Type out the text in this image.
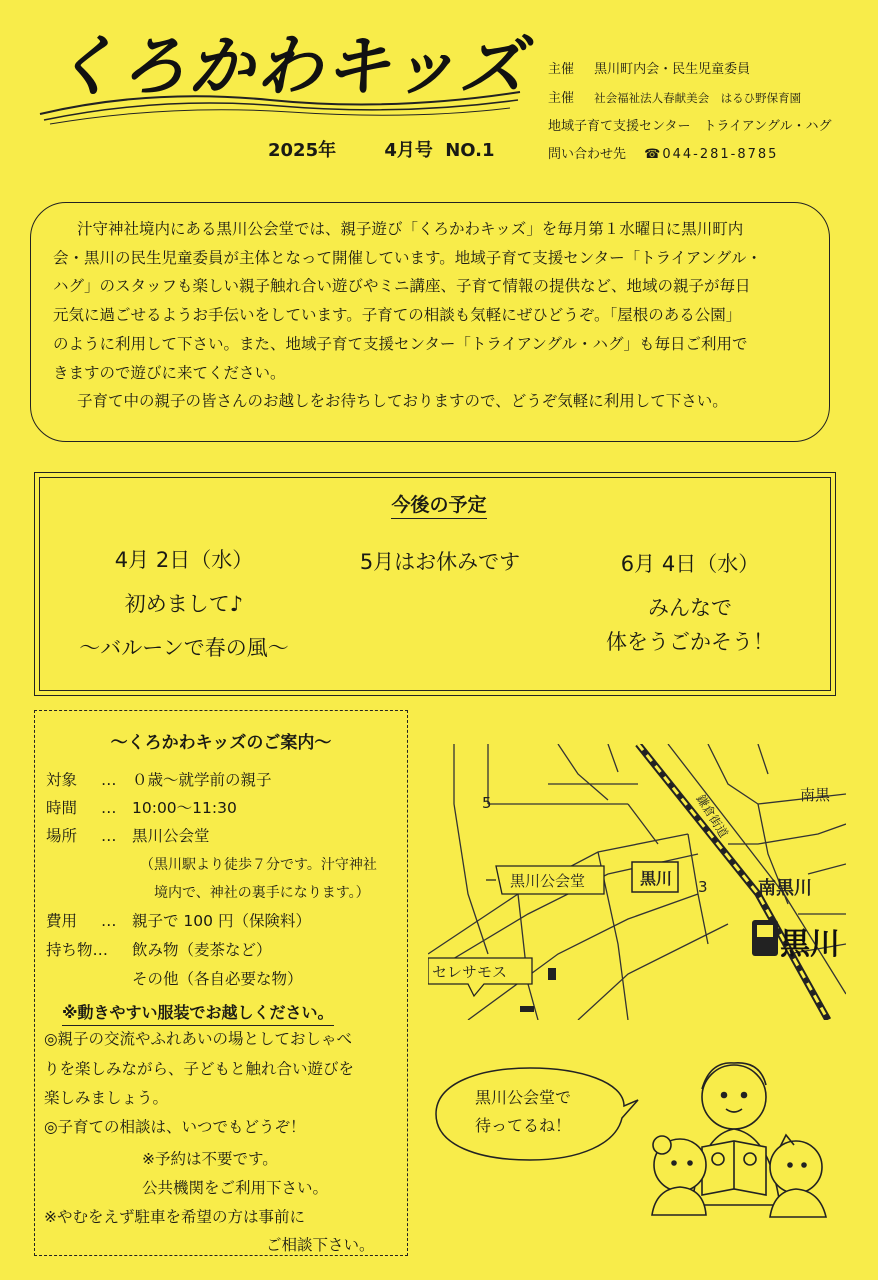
くろかわキッズ
2025年	4月号 NO.1
主催 黒川町内会・民生児童委員
主催 社会福祉法人春献美会　はるひ野保育園
地域子育て支援センター　トライアングル・ハグ
問い合わせ先 ☎044-281-8785

汁守神社境内にある黒川公会堂では、親子遊び「くろかわキッズ」を毎月第１水曜日に黒川町内

会・黒川の民生児童委員が主体となって開催しています。地域子育て支援センター「トライアングル・

ハグ」のスタッフも楽しい親子触れ合い遊びやミニ講座、子育て情報の提供など、地域の親子が毎日

元気に過ごせるようお手伝いをしています。子育ての相談も気軽にぜひどうぞ。「屋根のある公園」

のように利用して下さい。また、地域子育て支援センター「トライアングル・ハグ」も毎日ご利用で

きますので遊びに来てください。

子育て中の親子の皆さんのお越しをお待ちしておりますので、どうぞ気軽に利用して下さい。

今後の予定
4月 2日（水）
初めまして♪
～バルーンで春の風～
5月はお休みです	6月 4日（水）
みんなで
体をうごかそう！
～くろかわキッズのご案内～
対象 … ０歳～就学前の親子
時間 … 10:00～11:30
場所 … 黒川公会堂
（黒川駅より徒歩７分です。汁守神社
境内で、神社の裏手になります。）
費用 … 親子で 100 円（保険料）
持ち物… 飲み物（麦茶など）
その他（各自必要な物）
※動きやすい服装でお越しください。
◎親子の交流やふれあいの場としておしゃべ
りを楽しみながら、子どもと触れ合い遊びを
楽しみましょう。
◎子育ての相談は、いつでもどうぞ！
※予約は不要です。
公共機関をご利用下さい。
※やむをえず駐車を希望の方は事前に
ご相談下さい。
5
3
鎌倉街道	南黒
黒川公会堂	黒川	南黒川
黒川
セレサモス
黒川公会堂で
待ってるね！
